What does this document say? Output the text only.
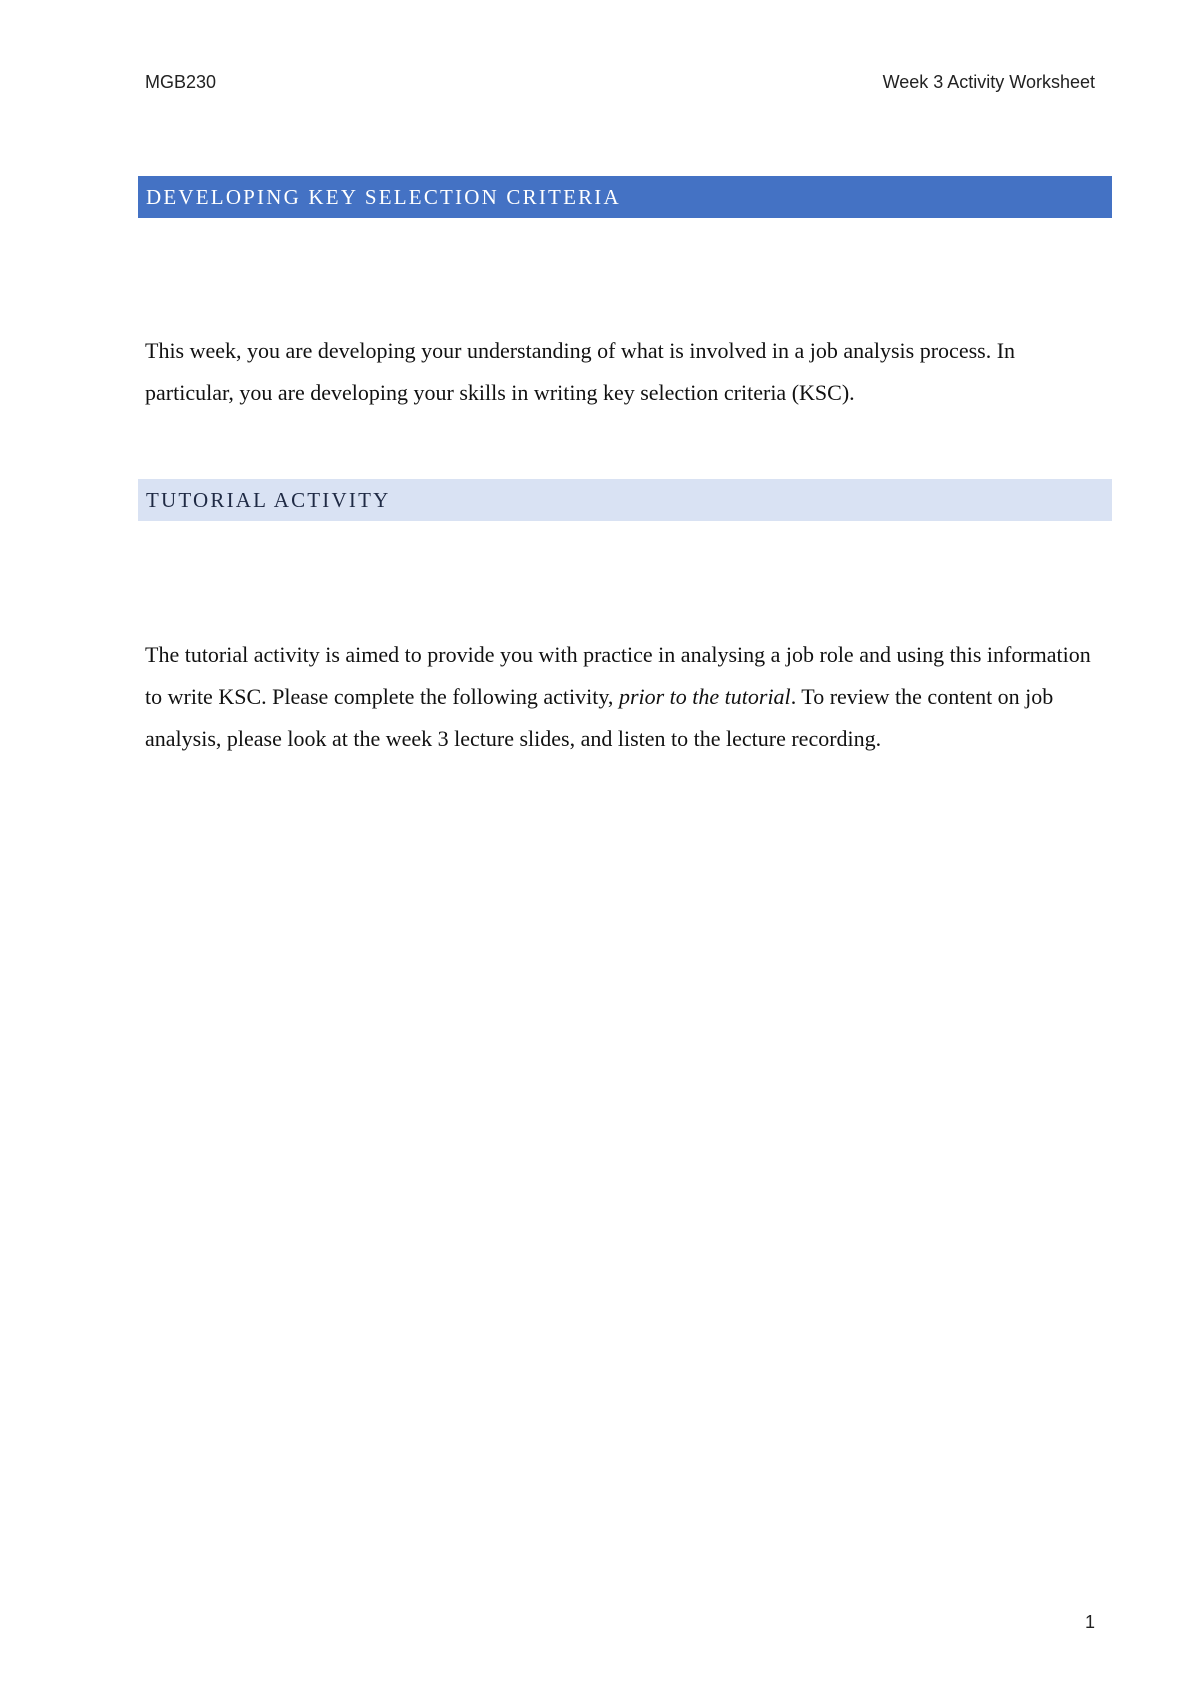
MGB230	Week 3 Activity Worksheet
DEVELOPING KEY SELECTION CRITERIA

This week, you are developing your understanding of what is involved in a job analysis process. In particular, you are developing your skills in writing key selection criteria (KSC).

TUTORIAL ACTIVITY

The tutorial activity is aimed to provide you with practice in analysing a job role and using this information to write KSC. Please complete the following activity, prior to the tutorial. To review the content on job analysis, please look at the week 3 lecture slides, and listen to the lecture recording.

1
